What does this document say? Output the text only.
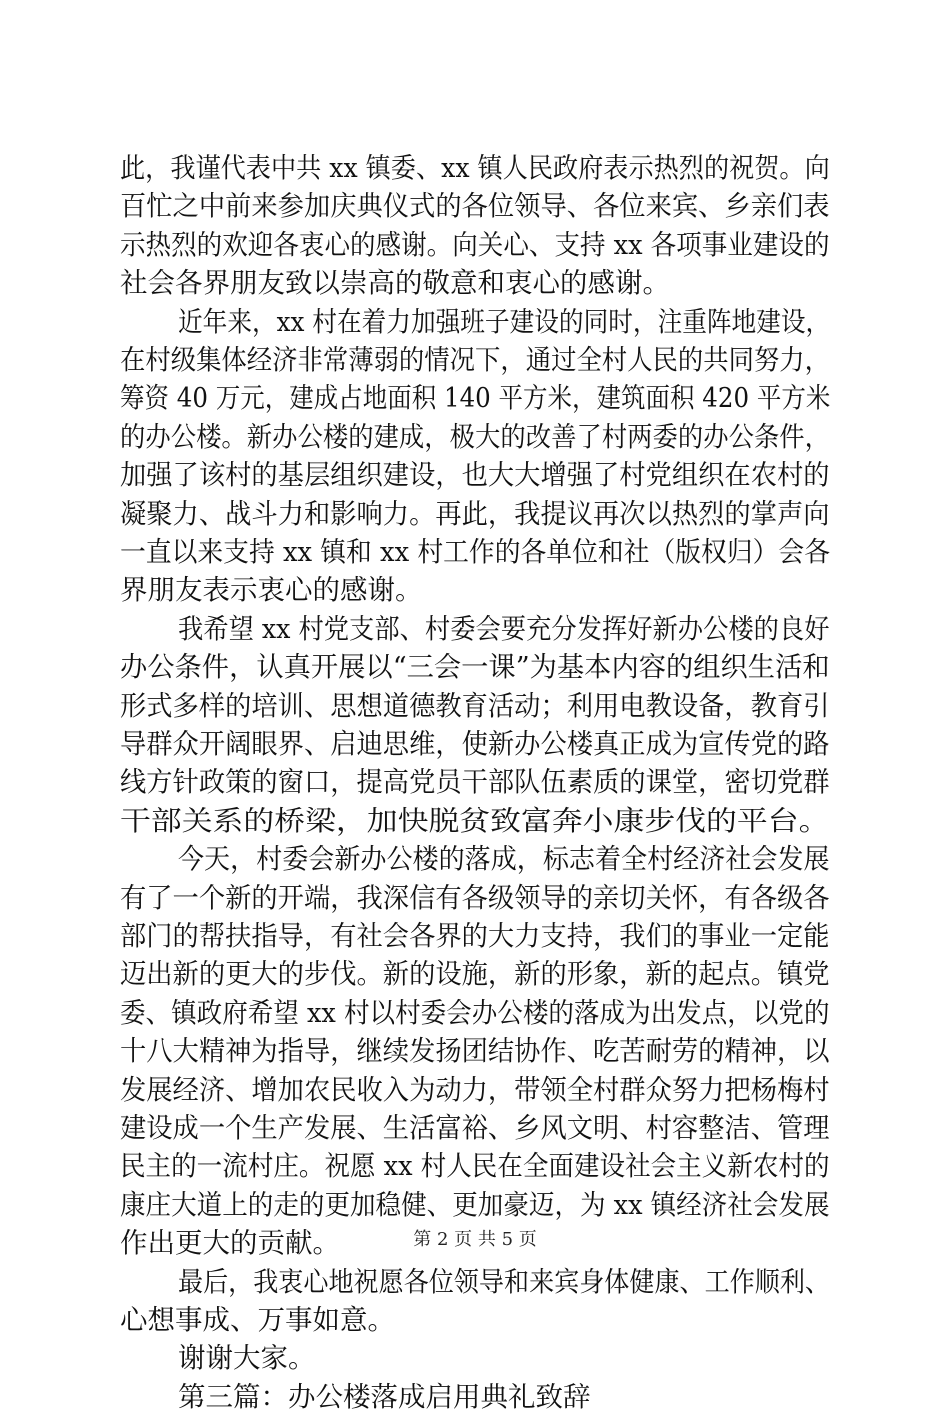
此，我谨代表中共 xx 镇委、xx 镇人民政府表示热烈的祝贺。向
百忙之中前来参加庆典仪式的各位领导、各位来宾、乡亲们表
示热烈的欢迎各衷心的感谢。向关心、支持 xx 各项事业建设的
社会各界朋友致以崇高的敬意和衷心的感谢。
近年来，xx 村在着力加强班子建设的同时，注重阵地建设，
在村级集体经济非常薄弱的情况下，通过全村人民的共同努力，
筹资 40 万元，建成占地面积 140 平方米，建筑面积 420 平方米
的办公楼。新办公楼的建成，极大的改善了村两委的办公条件，
加强了该村的基层组织建设，也大大增强了村党组织在农村的
凝聚力、战斗力和影响力。再此，我提议再次以热烈的掌声向
一直以来支持 xx 镇和 xx 村工作的各单位和社（版权归）会各
界朋友表示衷心的感谢。
我希望 xx 村党支部、村委会要充分发挥好新办公楼的良好
办公条件，认真开展以“三会一课”为基本内容的组织生活和
形式多样的培训、思想道德教育活动；利用电教设备，教育引
导群众开阔眼界、启迪思维，使新办公楼真正成为宣传党的路
线方针政策的窗口，提高党员干部队伍素质的课堂，密切党群
干部关系的桥梁，加快脱贫致富奔小康步伐的平台。
今天，村委会新办公楼的落成，标志着全村经济社会发展
有了一个新的开端，我深信有各级领导的亲切关怀，有各级各
部门的帮扶指导，有社会各界的大力支持，我们的事业一定能
迈出新的更大的步伐。新的设施，新的形象，新的起点。镇党
委、镇政府希望 xx 村以村委会办公楼的落成为出发点，以党的
十八大精神为指导，继续发扬团结协作、吃苦耐劳的精神，以
发展经济、增加农民收入为动力，带领全村群众努力把杨梅村
建设成一个生产发展、生活富裕、乡风文明、村容整洁、管理
民主的一流村庄。祝愿 xx 村人民在全面建设社会主义新农村的
康庄大道上的走的更加稳健、更加豪迈，为 xx 镇经济社会发展
作出更大的贡献。
最后，我衷心地祝愿各位领导和来宾身体健康、工作顺利、
心想事成、万事如意。
谢谢大家。
第三篇：办公楼落成启用典礼致辞
第 2 页 共 5 页
